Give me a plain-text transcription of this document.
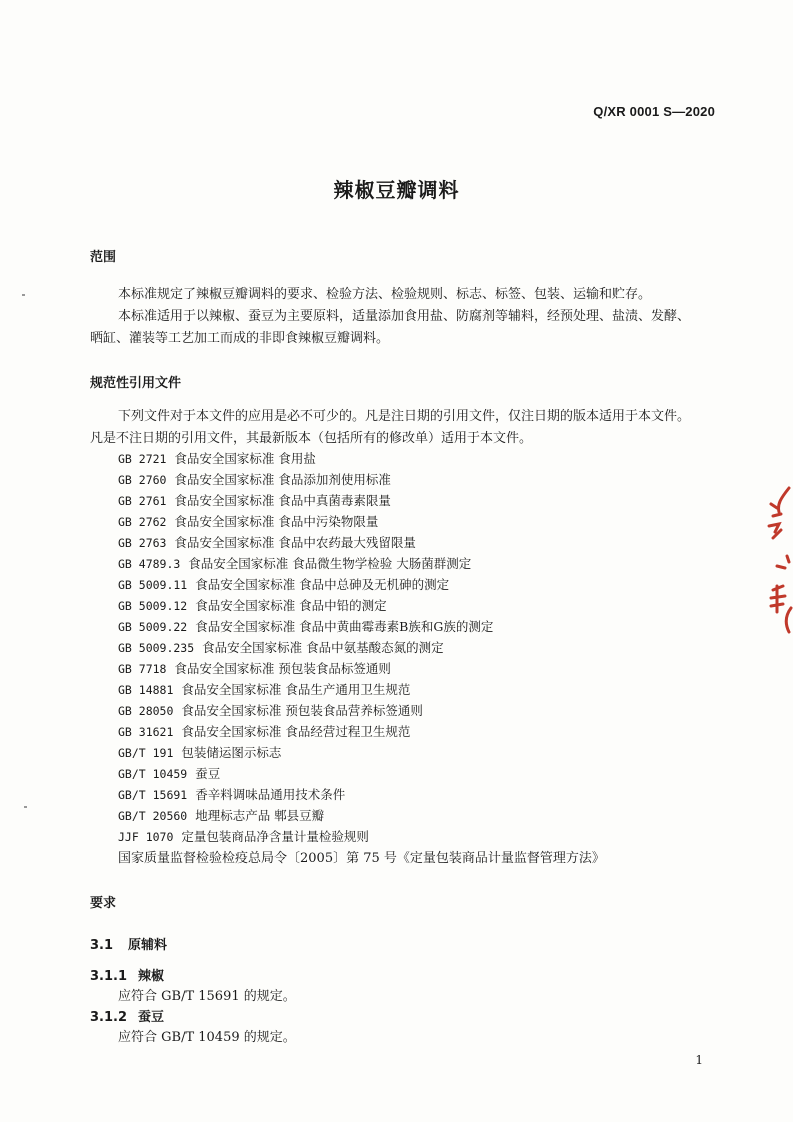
Q/XR 0001 S—2020
辣椒豆瓣调料
范围

本标准规定了辣椒豆瓣调料的要求、检验方法、检验规则、标志、标签、包装、运输和贮存。

本标准适用于以辣椒、蚕豆为主要原料，适量添加食用盐、防腐剂等辅料，经预处理、盐渍、发酵、
晒缸、灌装等工艺加工而成的非即食辣椒豆瓣调料。

规范性引用文件

下列文件对于本文件的应用是必不可少的。凡是注日期的引用文件，仅注日期的版本适用于本文件。
凡是不注日期的引用文件，其最新版本（包括所有的修改单）适用于本文件。

GB 2721 食品安全国家标准 食用盐
GB 2760 食品安全国家标准 食品添加剂使用标准
GB 2761 食品安全国家标准 食品中真菌毒素限量
GB 2762 食品安全国家标准 食品中污染物限量
GB 2763 食品安全国家标准 食品中农药最大残留限量
GB 4789.3 食品安全国家标准 食品微生物学检验 大肠菌群测定
GB 5009.11 食品安全国家标准 食品中总砷及无机砷的测定
GB 5009.12 食品安全国家标准 食品中铅的测定
GB 5009.22 食品安全国家标准 食品中黄曲霉毒素B族和G族的测定
GB 5009.235 食品安全国家标准 食品中氨基酸态氮的测定
GB 7718 食品安全国家标准 预包装食品标签通则
GB 14881 食品安全国家标准 食品生产通用卫生规范
GB 28050 食品安全国家标准 预包装食品营养标签通则
GB 31621 食品安全国家标准 食品经营过程卫生规范
GB/T 191 包装储运图示标志
GB/T 10459 蚕豆
GB/T 15691 香辛料调味品通用技术条件
GB/T 20560 地理标志产品 郫县豆瓣
JJF 1070 定量包装商品净含量计量检验规则
国家质量监督检验检疫总局令〔2005〕第 75 号《定量包装商品计量监督管理方法》
要求
3.1 原辅料
3.1.1 辣椒
应符合 GB/T 15691 的规定。
3.1.2 蚕豆
应符合 GB/T 10459 的规定。
1
